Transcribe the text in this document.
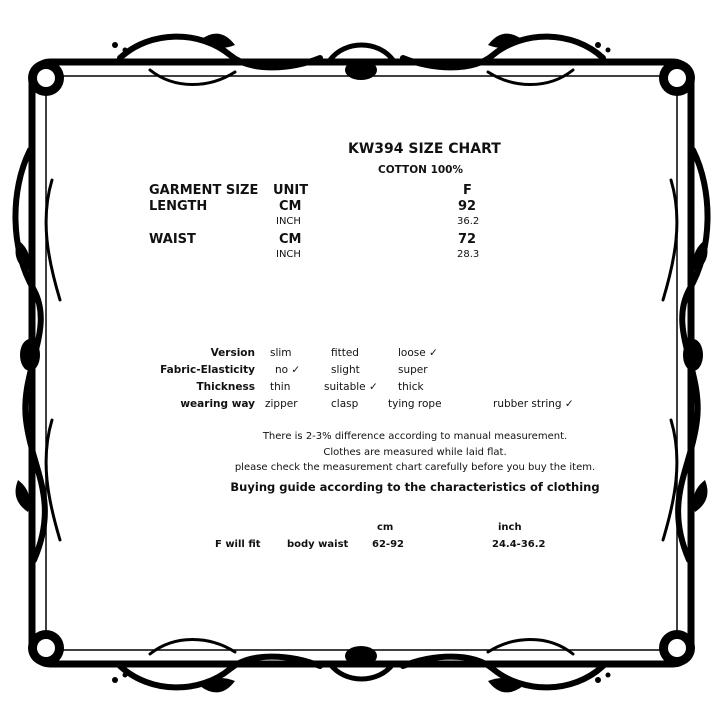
KW394 SIZE CHART
COTTON 100%
GARMENT SIZE UNIT	F
LENGTH	CM	92
INCH	36.2
WAIST	CM	72
INCH	28.3
Version slim	fitted	loose ✓
Fabric-Elasticity no ✓	slight	super
Thickness thin	suitable ✓ thick
wearing way zipper	clasp	tying rope	rubber string ✓
There is 2-3% difference according to manual measurement.
Clothes are measured while laid flat.
please check the measurement chart carefully before you buy the item.
Buying guide according to the characteristics of clothing
cm	inch
F will fit	body waist 62-92	24.4-36.2
